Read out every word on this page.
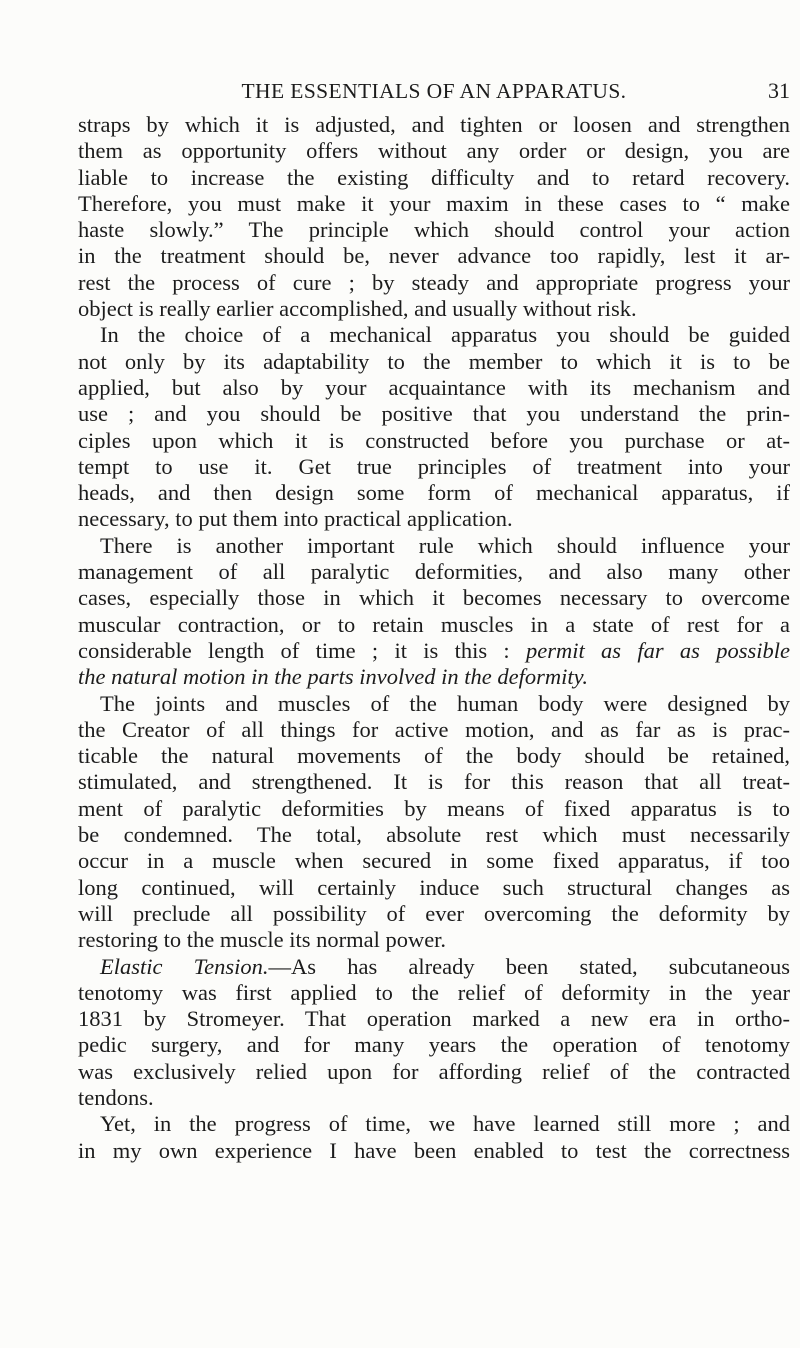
THE ESSENTIALS OF AN APPARATUS.	31
straps by which it is adjusted, and tighten or loosen and strengthen
them as opportunity offers without any order or design, you are
liable to increase the existing difficulty and to retard recovery.
Therefore, you must make it your maxim in these cases to “ make
haste slowly.” The principle which should control your action
in the treatment should be, never advance too rapidly, lest it ar-
rest the process of cure ; by steady and appropriate progress your
object is really earlier accomplished, and usually without risk.
In the choice of a mechanical apparatus you should be guided
not only by its adaptability to the member to which it is to be
applied, but also by your acquaintance with its mechanism and
use ; and you should be positive that you understand the prin-
ciples upon which it is constructed before you purchase or at-
tempt to use it. Get true principles of treatment into your
heads, and then design some form of mechanical apparatus, if
necessary, to put them into practical application.
There is another important rule which should influence your
management of all paralytic deformities, and also many other
cases, especially those in which it becomes necessary to overcome
muscular contraction, or to retain muscles in a state of rest for a
considerable length of time ; it is this : permit as far as possible
the natural motion in the parts involved in the deformity.
The joints and muscles of the human body were designed by
the Creator of all things for active motion, and as far as is prac-
ticable the natural movements of the body should be retained,
stimulated, and strengthened. It is for this reason that all treat-
ment of paralytic deformities by means of fixed apparatus is to
be condemned. The total, absolute rest which must necessarily
occur in a muscle when secured in some fixed apparatus, if too
long continued, will certainly induce such structural changes as
will preclude all possibility of ever overcoming the deformity by
restoring to the muscle its normal power.
Elastic Tension.—As has already been stated, subcutaneous
tenotomy was first applied to the relief of deformity in the year
1831 by Stromeyer. That operation marked a new era in ortho-
pedic surgery, and for many years the operation of tenotomy
was exclusively relied upon for affording relief of the contracted
tendons.
Yet, in the progress of time, we have learned still more ; and
in my own experience I have been enabled to test the correctness
